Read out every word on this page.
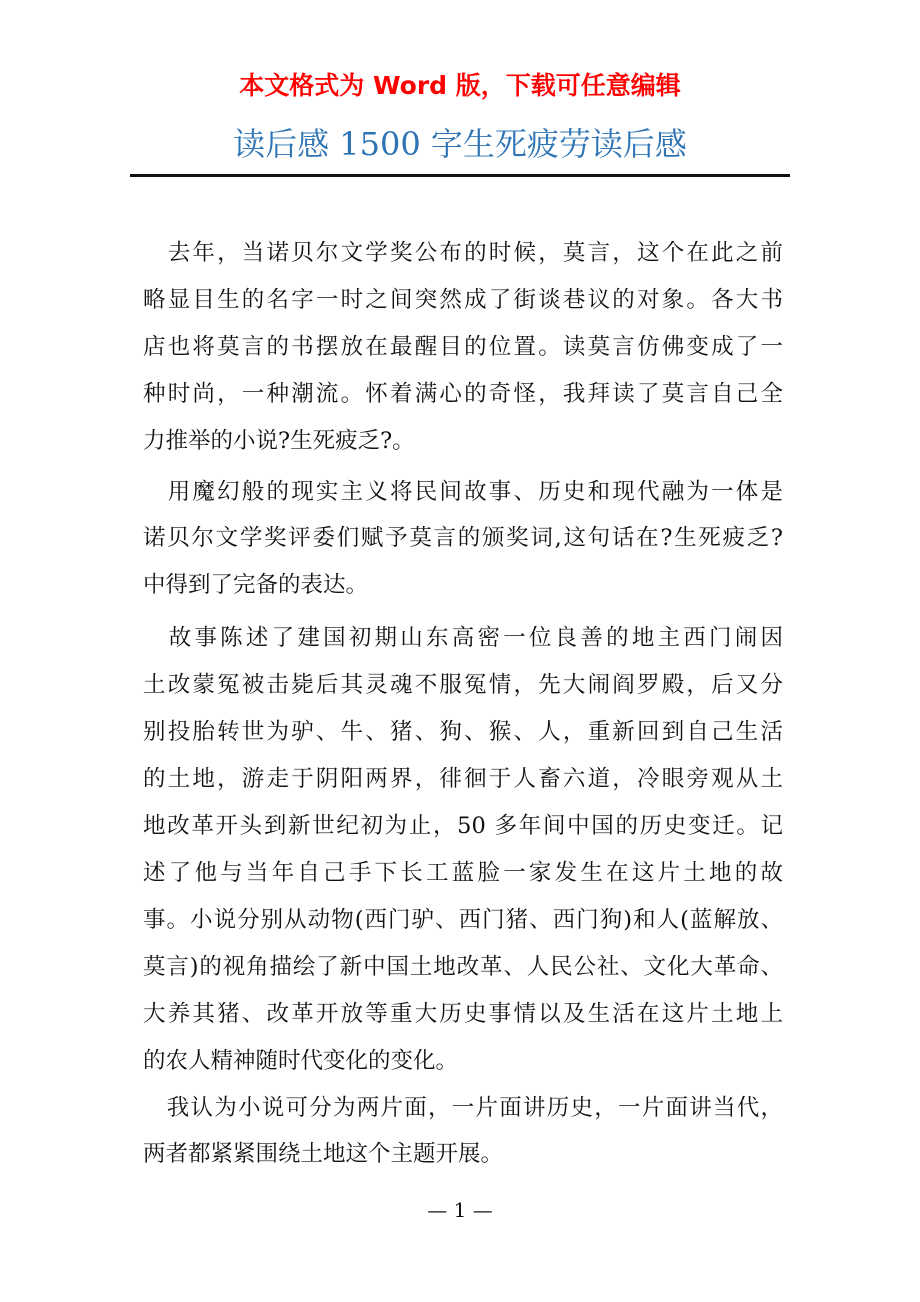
本文格式为 Word 版，下载可任意编辑
读后感 1500 字生死疲劳读后感
　去年，当诺贝尔文学奖公布的时候，莫言，这个在此之前
略显目生的名字一时之间突然成了街谈巷议的对象。各大书
店也将莫言的书摆放在最醒目的位置。读莫言仿佛变成了一
种时尚，一种潮流。怀着满心的奇怪，我拜读了莫言自己全
力推举的小说?生死疲乏?。
　用魔幻般的现实主义将民间故事、历史和现代融为一体是
诺贝尔文学奖评委们赋予莫言的颁奖词,这句话在?生死疲乏?
中得到了完备的表达。
　故事陈述了建国初期山东高密一位良善的地主西门闹因
土改蒙冤被击毙后其灵魂不服冤情，先大闹阎罗殿，后又分
别投胎转世为驴、牛、猪、狗、猴、人，重新回到自己生活
的土地，游走于阴阳两界，徘徊于人畜六道，冷眼旁观从土
地改革开头到新世纪初为止，50 多年间中国的历史变迁。记
述了他与当年自己手下长工蓝脸一家发生在这片土地的故
事。小说分别从动物(西门驴、西门猪、西门狗)和人(蓝解放、
莫言)的视角描绘了新中国土地改革、人民公社、文化大革命、
大养其猪、改革开放等重大历史事情以及生活在这片土地上
的农人精神随时代变化的变化。
　我认为小说可分为两片面，一片面讲历史，一片面讲当代，
两者都紧紧围绕土地这个主题开展。
— 1 —
